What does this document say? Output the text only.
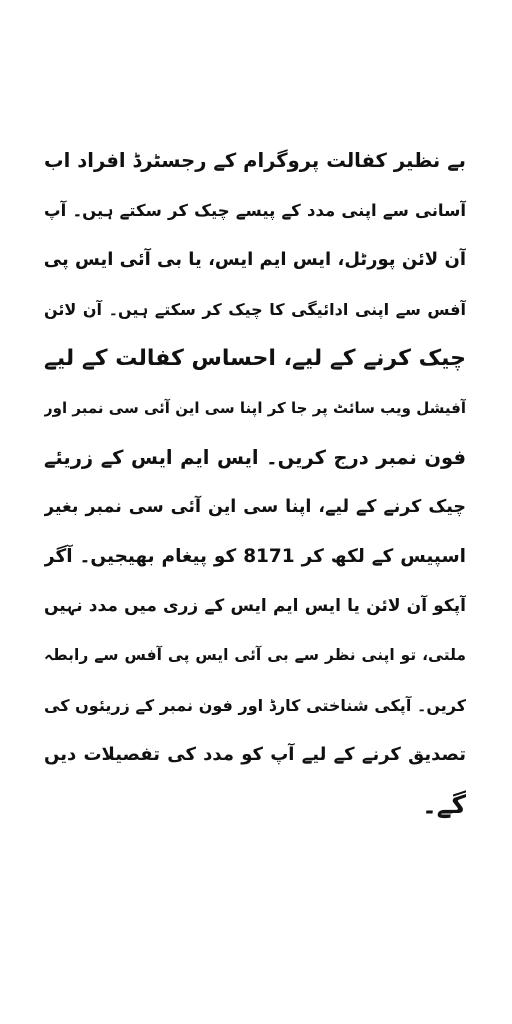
بے نظیر کفالت پروگرام کے رجسٹرڈ افراد اب
آسانی سے اپنی مدد کے پیسے چیک کر سکتے ہیں۔ آپ
آن لائن پورٹل، ایس ایم ایس، یا بی آئی ایس پی
آفس سے اپنی ادائیگی کا چیک کر سکتے ہیں۔ آن لائن
چیک کرنے کے لیے، احساس کفالت کے لیے
آفیشل ویب سائٹ پر جا کر اپنا سی این آئی سی نمبر اور
فون نمبر درج کریں۔ ایس ایم ایس کے زریئے
چیک کرنے کے لیے، اپنا سی این آئی سی نمبر بغیر
اسپیس کے لکھ کر 8171 کو پیغام بھیجیں۔ آگر
آپکو آن لائن یا ایس ایم ایس کے زری میں مدد نہیں
ملتی، تو اپنی نظر سے بی آئی ایس پی آفس سے رابطہ
کریں۔ آپکی شناختی کارڈ اور فون نمبر کے زریئوں کی
تصدیق کرنے کے لیے آپ کو مدد کی تفصیلات دیں
گے۔
